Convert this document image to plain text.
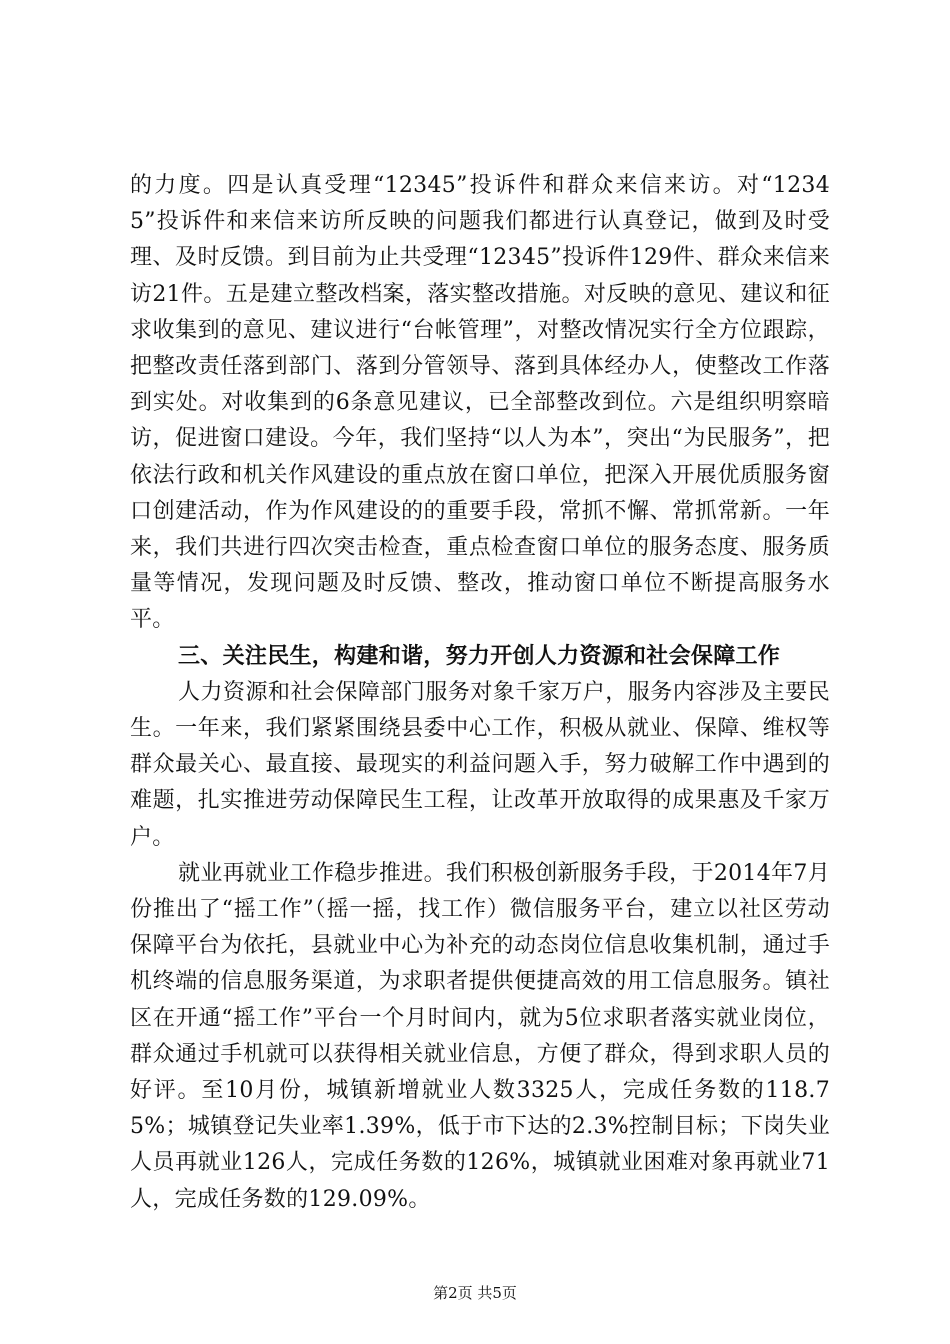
的力度。四是认真受理“12345”投诉件和群众来信来访。对“12345”投诉件和来信来访所反映的问题我们都进行认真登记，做到及时受理、及时反馈。到目前为止共受理“12345”投诉件129件、群众来信来访21件。五是建立整改档案，落实整改措施。对反映的意见、建议和征求收集到的意见、建议进行“台帐管理”，对整改情况实行全方位跟踪，把整改责任落到部门、落到分管领导、落到具体经办人，使整改工作落到实处。对收集到的6条意见建议，已全部整改到位。六是组织明察暗访，促进窗口建设。今年，我们坚持“以人为本”，突出“为民服务”，把依法行政和机关作风建设的重点放在窗口单位，把深入开展优质服务窗口创建活动，作为作风建设的的重要手段，常抓不懈、常抓常新。一年来，我们共进行四次突击检查，重点检查窗口单位的服务态度、服务质量等情况，发现问题及时反馈、整改，推动窗口单位不断提高服务水平。

三、关注民生，构建和谐，努力开创人力资源和社会保障工作

人力资源和社会保障部门服务对象千家万户，服务内容涉及主要民生。一年来，我们紧紧围绕县委中心工作，积极从就业、保障、维权等群众最关心、最直接、最现实的利益问题入手，努力破解工作中遇到的难题，扎实推进劳动保障民生工程，让改革开放取得的成果惠及千家万户。

就业再就业工作稳步推进。我们积极创新服务手段，于2014年7月份推出了“摇工作”（摇一摇，找工作）微信服务平台，建立以社区劳动保障平台为依托，县就业中心为补充的动态岗位信息收集机制，通过手机终端的信息服务渠道，为求职者提供便捷高效的用工信息服务。镇社区在开通“摇工作”平台一个月时间内，就为5位求职者落实就业岗位，群众通过手机就可以获得相关就业信息，方便了群众，得到求职人员的好评。至10月份，城镇新增就业人数3325人，完成任务数的118.75%；城镇登记失业率1.39%，低于市下达的2.3%控制目标；下岗失业人员再就业126人，完成任务数的126%，城镇就业困难对象再就业71人，完成任务数的129.09%。

第2页 共5页
